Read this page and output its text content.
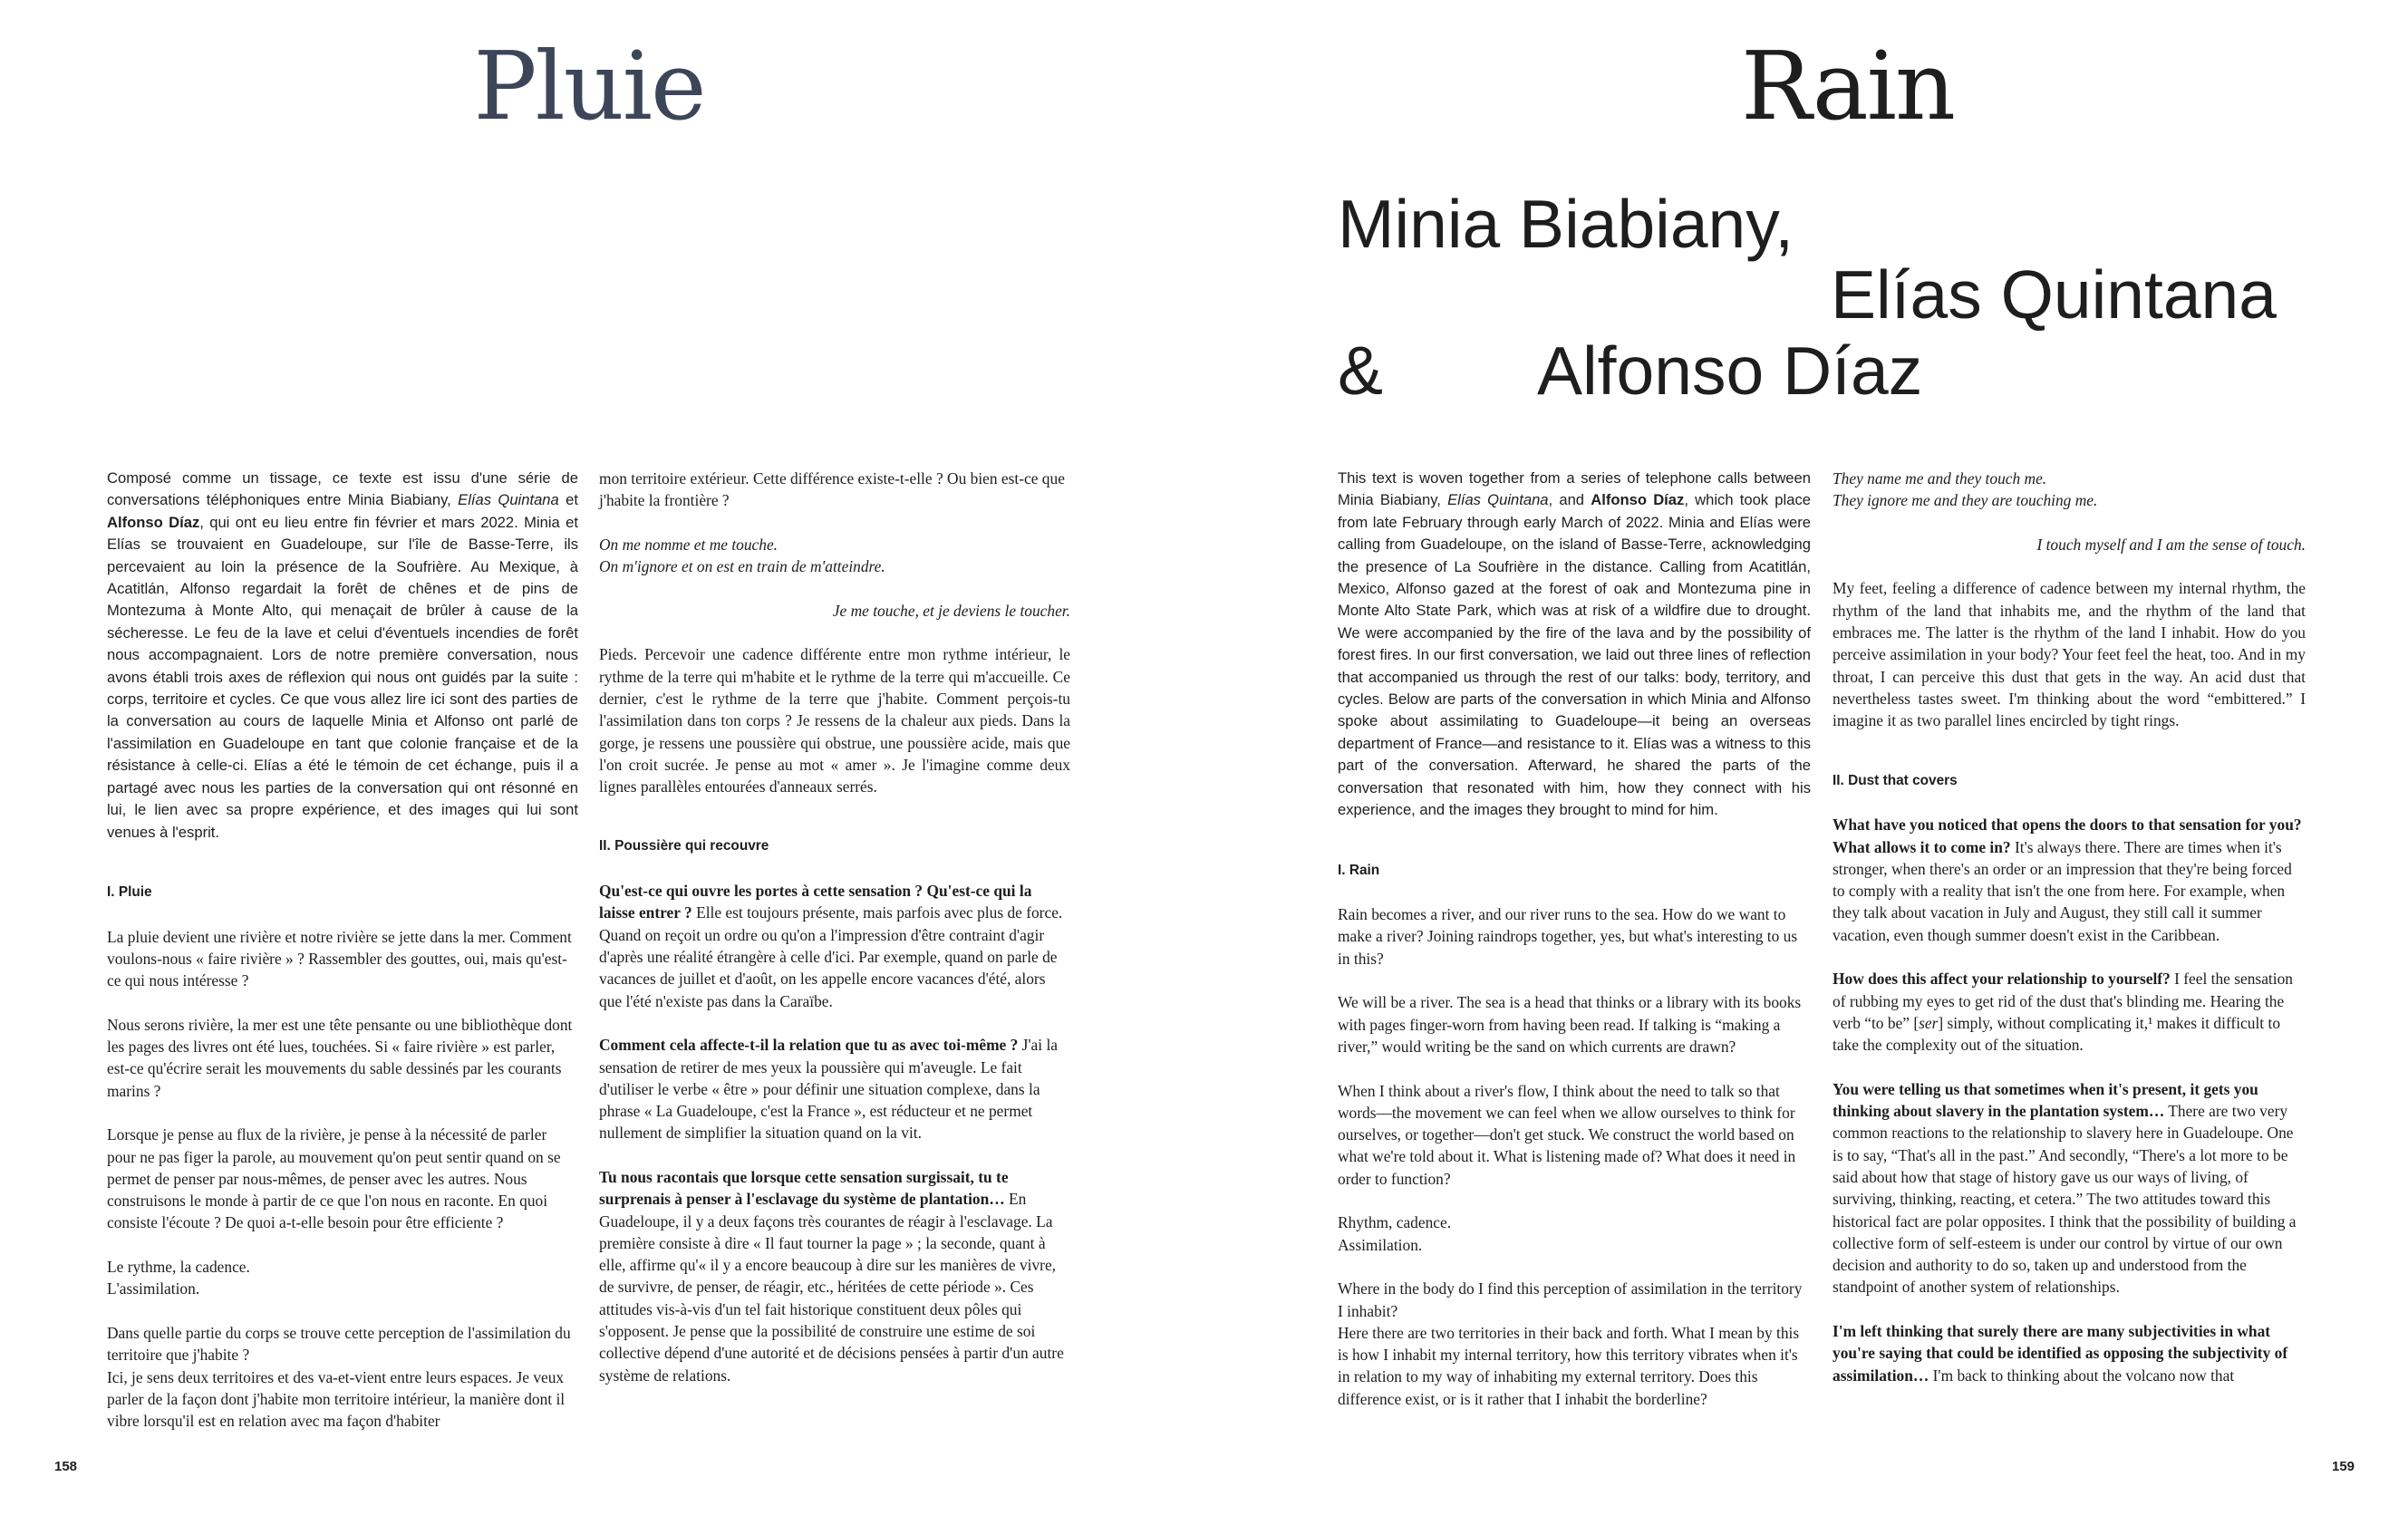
Pluie

Composé comme un tissage, ce texte est issu d'une série de conversations téléphoniques entre Minia Biabiany, Elías Quintana et Alfonso Díaz, qui ont eu lieu entre fin février et mars 2022. Minia et Elías se trouvaient en Guadeloupe, sur l'île de Basse-Terre, ils percevaient au loin la présence de la Soufrière. Au Mexique, à Acatitlán, Alfonso regardait la forêt de chênes et de pins de Montezuma à Monte Alto, qui menaçait de brûler à cause de la sécheresse. Le feu de la lave et celui d'éventuels incendies de forêt nous accompagnaient. Lors de notre première conversation, nous avons établi trois axes de réflexion qui nous ont guidés par la suite : corps, territoire et cycles. Ce que vous allez lire ici sont des parties de la conversation au cours de laquelle Minia et Alfonso ont parlé de l'assimilation en Guadeloupe en tant que colonie française et de la résistance à celle-ci. Elías a été le témoin de cet échange, puis il a partagé avec nous les parties de la conversation qui ont résonné en lui, le lien avec sa propre expérience, et des images qui lui sont venues à l'esprit.

I. Pluie

La pluie devient une rivière et notre rivière se jette dans la mer. Comment voulons-nous « faire rivière » ? Rassembler des gouttes, oui, mais qu'est-ce qui nous intéresse ?

Nous serons rivière, la mer est une tête pensante ou une bibliothèque dont les pages des livres ont été lues, touchées. Si « faire rivière » est parler, est-ce qu'écrire serait les mouvements du sable dessinés par les courants marins ?

Lorsque je pense au flux de la rivière, je pense à la nécessité de parler pour ne pas figer la parole, au mouvement qu'on peut sentir quand on se permet de penser par nous-mêmes, de penser avec les autres. Nous construisons le monde à partir de ce que l'on nous en raconte. En quoi consiste l'écoute ? De quoi a-t-elle besoin pour être efficiente ?

Le rythme, la cadence.
L'assimilation.

Dans quelle partie du corps se trouve cette perception de l'assimilation du territoire que j'habite ?

Ici, je sens deux territoires et des va-et-vient entre leurs espaces. Je veux parler de la façon dont j'habite mon territoire intérieur, la manière dont il vibre lorsqu'il est en relation avec ma façon d'habiter

mon territoire extérieur. Cette différence existe-t-elle ? Ou bien est-ce que j'habite la frontière ?

On me nomme et me touche.
On m'ignore et on est en train de m'atteindre.

Je me touche, et je deviens le toucher.

Pieds. Percevoir une cadence différente entre mon rythme intérieur, le rythme de la terre qui m'habite et le rythme de la terre qui m'accueille. Ce dernier, c'est le rythme de la terre que j'habite. Comment perçois-tu l'assimilation dans ton corps ? Je ressens de la chaleur aux pieds. Dans la gorge, je ressens une poussière qui obstrue, une poussière acide, mais que l'on croit sucrée. Je pense au mot « amer ». Je l'imagine comme deux lignes parallèles entourées d'anneaux serrés.

II. Poussière qui recouvre

Qu'est-ce qui ouvre les portes à cette sensation ? Qu'est-ce qui la laisse entrer ? Elle est toujours présente, mais parfois avec plus de force. Quand on reçoit un ordre ou qu'on a l'impression d'être contraint d'agir d'après une réalité étrangère à celle d'ici. Par exemple, quand on parle de vacances de juillet et d'août, on les appelle encore vacances d'été, alors que l'été n'existe pas dans la Caraïbe.

Comment cela affecte-t-il la relation que tu as avec toi-même ? J'ai la sensation de retirer de mes yeux la poussière qui m'aveugle. Le fait d'utiliser le verbe « être » pour définir une situation complexe, dans la phrase « La Guadeloupe, c'est la France », est réducteur et ne permet nullement de simplifier la situation quand on la vit.

Tu nous racontais que lorsque cette sensation surgissait, tu te surprenais à penser à l'esclavage du système de plantation… En Guadeloupe, il y a deux façons très courantes de réagir à l'esclavage. La première consiste à dire « Il faut tourner la page » ; la seconde, quant à elle, affirme qu'« il y a encore beaucoup à dire sur les manières de vivre, de survivre, de penser, de réagir, etc., héritées de cette période ». Ces attitudes vis-à-vis d'un tel fait historique constituent deux pôles qui s'opposent. Je pense que la possibilité de construire une estime de soi collective dépend d'une autorité et de décisions pensées à partir d'un autre système de relations.

158
Rain
Minia Biabiany,
Elías Quintana
& Alfonso Díaz

This text is woven together from a series of telephone calls between Minia Biabiany, Elías Quintana, and Alfonso Díaz, which took place from late February through early March of 2022. Minia and Elías were calling from Guadeloupe, on the island of Basse-Terre, acknowledging the presence of La Soufrière in the distance. Calling from Acatitlán, Mexico, Alfonso gazed at the forest of oak and Montezuma pine in Monte Alto State Park, which was at risk of a wildfire due to drought. We were accompanied by the fire of the lava and by the possibility of forest fires. In our first conversation, we laid out three lines of reflection that accompanied us through the rest of our talks: body, territory, and cycles. Below are parts of the conversation in which Minia and Alfonso spoke about assimilating to Guadeloupe—it being an overseas department of France—and resistance to it. Elías was a witness to this part of the conversation. Afterward, he shared the parts of the conversation that resonated with him, how they connect with his experience, and the images they brought to mind for him.

I. Rain

Rain becomes a river, and our river runs to the sea. How do we want to make a river? Joining raindrops together, yes, but what's interesting to us in this?

We will be a river. The sea is a head that thinks or a library with its books with pages finger-worn from having been read. If talking is “making a river,” would writing be the sand on which currents are drawn?

When I think about a river's flow, I think about the need to talk so that words—the movement we can feel when we allow ourselves to think for ourselves, or together—don't get stuck. We construct the world based on what we're told about it. What is listening made of? What does it need in order to function?

Rhythm, cadence.
Assimilation.

Where in the body do I find this perception of assimilation in the territory I inhabit?

Here there are two territories in their back and forth. What I mean by this is how I inhabit my internal territory, how this territory vibrates when it's in relation to my way of inhabiting my external territory. Does this difference exist, or is it rather that I inhabit the borderline?

They name me and they touch me.
They ignore me and they are touching me.

I touch myself and I am the sense of touch.

My feet, feeling a difference of cadence between my internal rhythm, the rhythm of the land that inhabits me, and the rhythm of the land that embraces me. The latter is the rhythm of the land I inhabit. How do you perceive assimilation in your body? Your feet feel the heat, too. And in my throat, I can perceive this dust that gets in the way. An acid dust that nevertheless tastes sweet. I'm thinking about the word “embittered.” I imagine it as two parallel lines encircled by tight rings.

II. Dust that covers

What have you noticed that opens the doors to that sensation for you? What allows it to come in? It's always there. There are times when it's stronger, when there's an order or an impression that they're being forced to comply with a reality that isn't the one from here. For example, when they talk about vacation in July and August, they still call it summer vacation, even though summer doesn't exist in the Caribbean.

How does this affect your relationship to yourself? I feel the sensation of rubbing my eyes to get rid of the dust that's blinding me. Hearing the verb “to be” [ser] simply, without complicating it,¹ makes it difficult to take the complexity out of the situation.

You were telling us that sometimes when it's present, it gets you thinking about slavery in the plantation system… There are two very common reactions to the relationship to slavery here in Guadeloupe. One is to say, “That's all in the past.” And secondly, “There's a lot more to be said about how that stage of history gave us our ways of living, of surviving, thinking, reacting, et cetera.” The two attitudes toward this historical fact are polar opposites. I think that the possibility of building a collective form of self-esteem is under our control by virtue of our own decision and authority to do so, taken up and understood from the standpoint of another system of relationships.

I'm left thinking that surely there are many subjectivities in what you're saying that could be identified as opposing the subjectivity of assimilation… I'm back to thinking about the volcano now that

159
